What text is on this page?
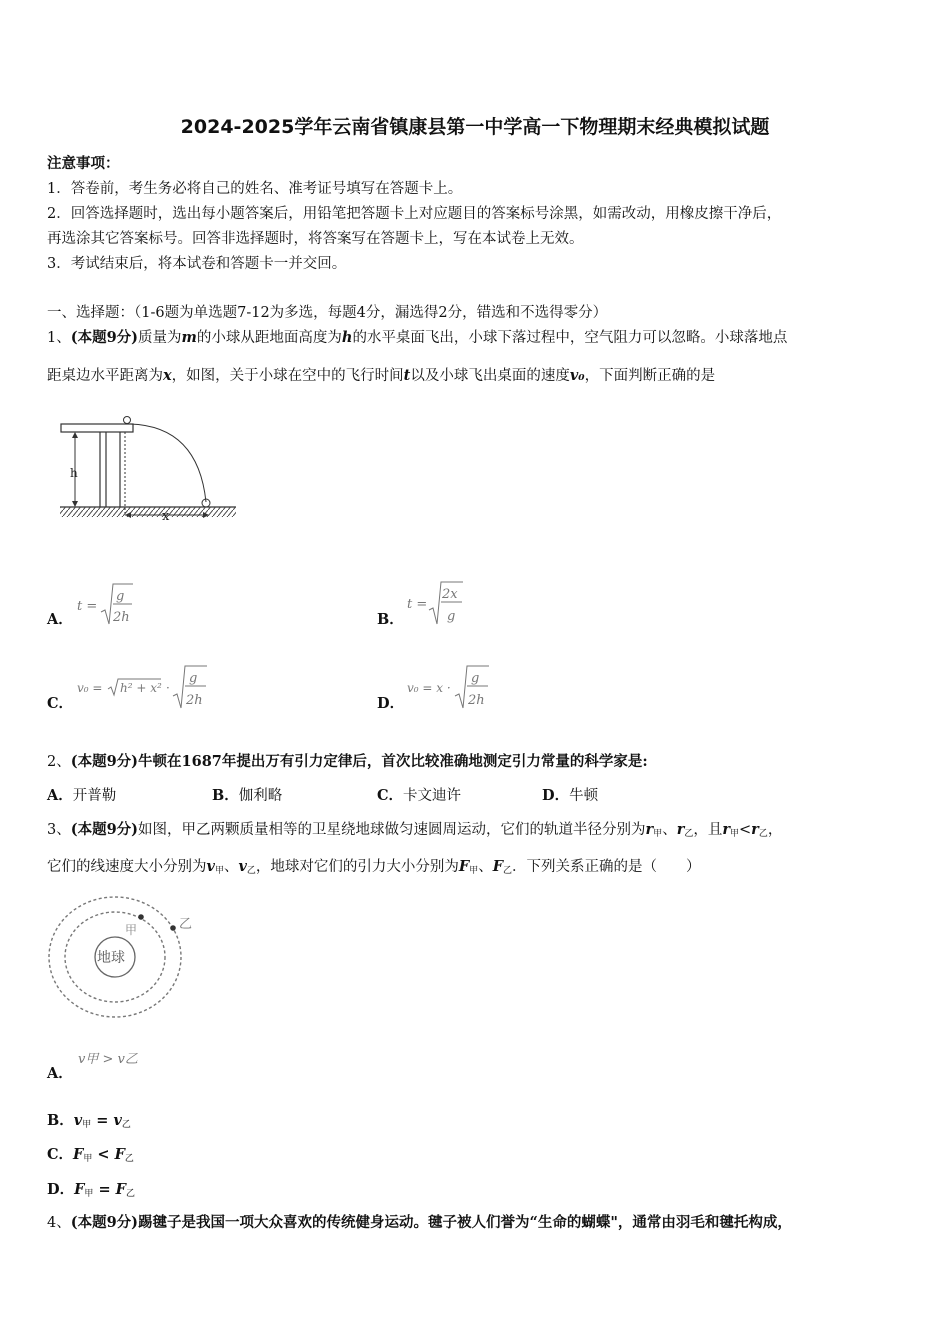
2024-2025学年云南省镇康县第一中学高一下物理期末经典模拟试题
注意事项：
1．答卷前，考生务必将自己的姓名、准考证号填写在答题卡上。
2．回答选择题时，选出每小题答案后，用铅笔把答题卡上对应题目的答案标号涂黑，如需改动，用橡皮擦干净后，
再选涂其它答案标号。回答非选择题时，将答案写在答题卡上，写在本试卷上无效。
3．考试结束后，将本试卷和答题卡一并交回。
一、选择题：（1-6题为单选题7-12为多选，每题4分，漏选得2分，错选和不选得零分）
1、(本题9分)质量为m的小球从距地面高度为h的水平桌面飞出，小球下落过程中，空气阻力可以忽略。小球落地点
距桌边水平距离为x，如图，关于小球在空中的飞行时间t以及小球飞出桌面的速度v₀，下面判断正确的是
h
x
A．
t =
g
2h	B．
t =
2x
g
C．
v₀ = h² + x² ·
g
2h	D．
v₀ = x ·
g
2h
2、(本题9分)牛顿在1687年提出万有引力定律后，首次比较准确地测定引力常量的科学家是:
A．开普勒	B．伽利略	C．卡文迪许	D．牛顿
3、(本题9分)如图，甲乙两颗质量相等的卫星绕地球做匀速圆周运动，它们的轨道半径分别为$r_甲$、$r_乙$，且$r_甲<r_乙$，
它们的线速度大小分别为$v_甲$、$v_乙$，地球对它们的引力大小分别为$F_甲$、$F_乙$．下列关系正确的是（　　）
地球
甲	乙
A．
v甲 > v乙
B．$v_甲 = v_乙$
C．$F_甲 < F_乙$
D．$F_甲 = F_乙$
4、(本题9分)踢毽子是我国一项大众喜欢的传统健身运动。毽子被人们誉为“生命的蝴蝶"，通常由羽毛和毽托构成，
